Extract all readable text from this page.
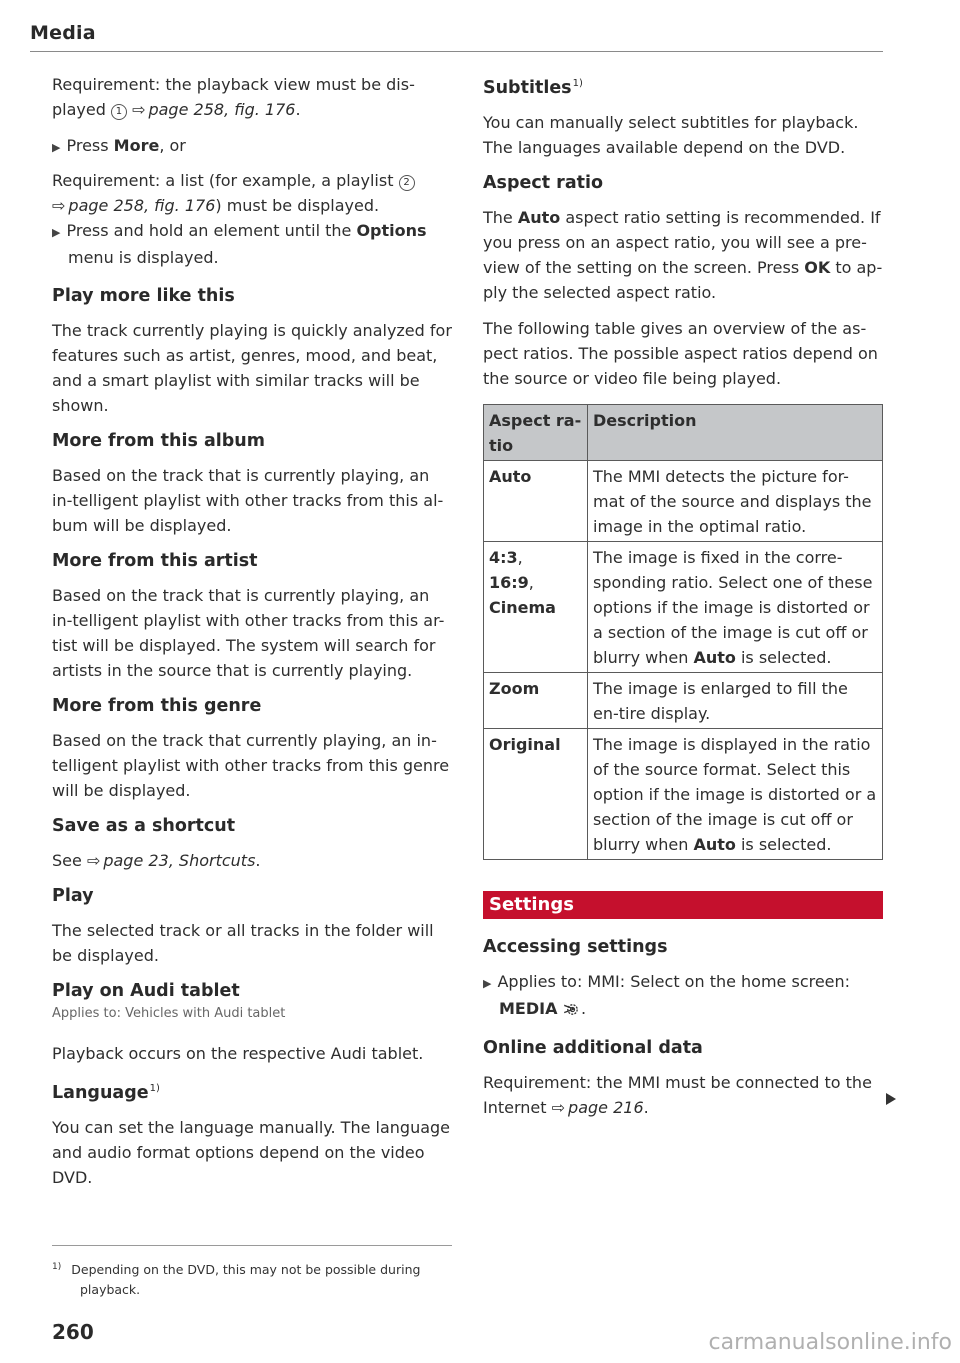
Media

Requirement: the playback view must be dis-
played 1 ⇨ page 258, fig. 176.

▶ Press More, or

Requirement: a list (for example, a playlist 2
⇨ page 258, fig. 176) must be displayed.

▶ Press and hold an element until the Options
menu is displayed.

Play more like this

The track currently playing is quickly analyzed for features such as artist, genres, mood, and beat, and a smart playlist with similar tracks will be shown.

More from this album

Based on the track that is currently playing, an in-telligent playlist with other tracks from this al-bum will be displayed.

More from this artist

Based on the track that is currently playing, an in-telligent playlist with other tracks from this ar-tist will be displayed. The system will search for artists in the source that is currently playing.

More from this genre

Based on the track that currently playing, an in-telligent playlist with other tracks from this genre will be displayed.

Save as a shortcut

See ⇨ page 23, Shortcuts.

Play

The selected track or all tracks in the folder will be displayed.

Play on Audi tablet
Applies to: Vehicles with Audi tablet

Playback occurs on the respective Audi tablet.

Language$^{1)}$

You can set the language manually. The language and audio format options depend on the video DVD.

$^{1)}$ Depending on the DVD, this may not be possible during
playback.
260
Subtitles$^{1)}$

You can manually select subtitles for playback. The languages available depend on the DVD.

Aspect ratio

The Auto aspect ratio setting is recommended. If you press on an aspect ratio, you will see a pre-view of the setting on the screen. Press OK to ap-ply the selected aspect ratio.

The following table gives an overview of the as-pect ratios. The possible aspect ratios depend on the source or video file being played.

Aspect ra-tio	Description
Auto	The MMI detects the picture for-mat of the source and displays the image in the optimal ratio.
4:3,
16:9,
Cinema	The image is fixed in the corre-sponding ratio. Select one of these options if the image is distorted or a section of the image is cut off or blurry when Auto is selected.
Zoom	The image is enlarged to fill the en-tire display.
Original	The image is displayed in the ratio of the source format. Select this option if the image is distorted or a section of the image is cut off or blurry when Auto is selected.
Settings
Accessing settings

▶ Applies to: MMI: Select on the home screen:
MEDIA > .

Online additional data

Requirement: the MMI must be connected to the Internet ⇨ page 216.

carmanualsonline.info
